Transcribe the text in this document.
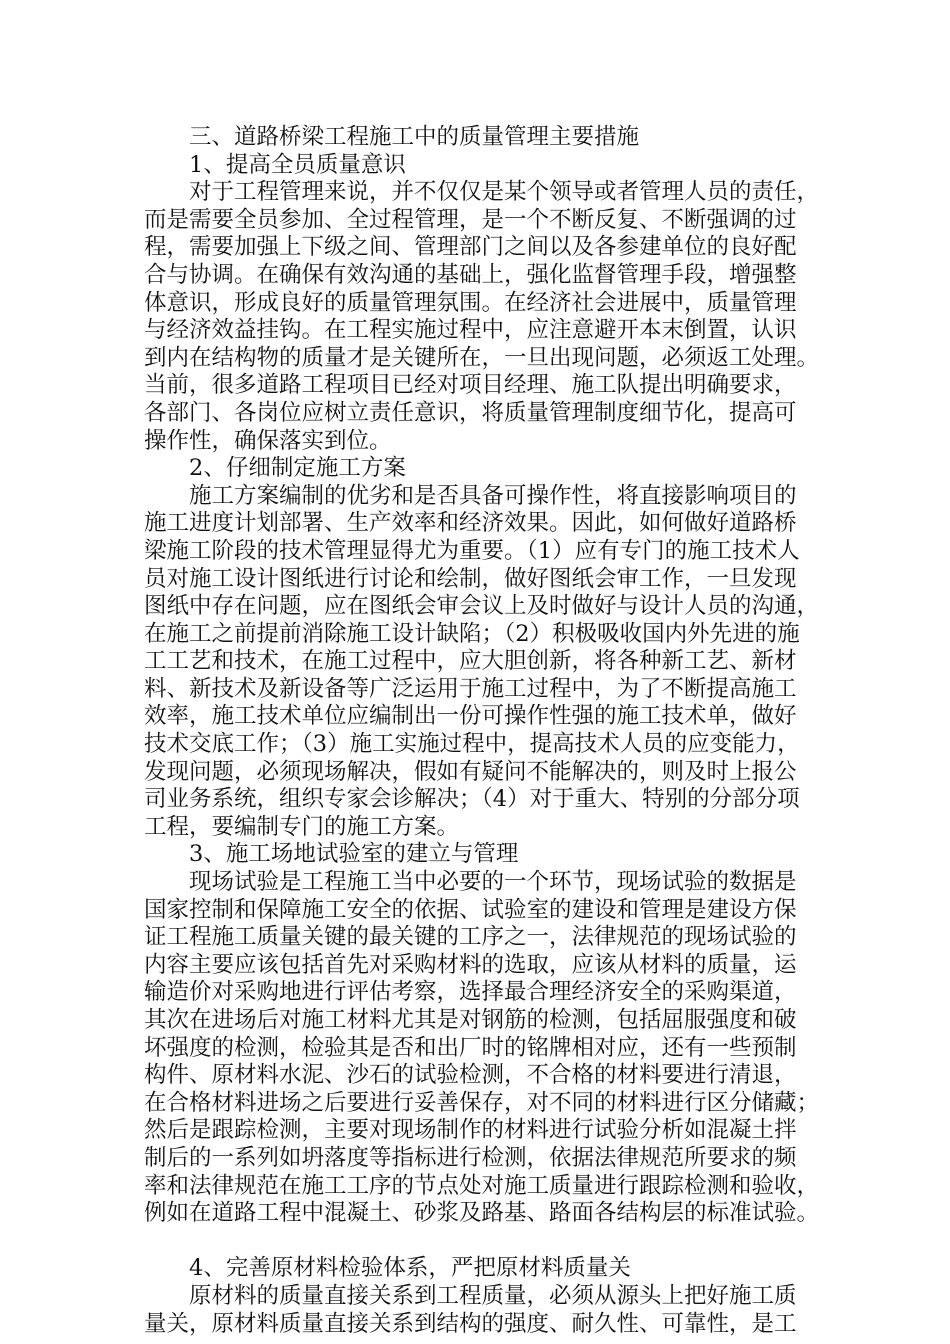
三、道路桥梁工程施工中的质量管理主要措施
1、提高全员质量意识
对于工程管理来说，并不仅仅是某个领导或者管理人员的责任，
而是需要全员参加、全过程管理，是一个不断反复、不断强调的过
程，需要加强上下级之间、管理部门之间以及各参建单位的良好配
合与协调。在确保有效沟通的基础上，强化监督管理手段，增强整
体意识，形成良好的质量管理氛围。在经济社会进展中，质量管理
与经济效益挂钩。在工程实施过程中，应注意避开本末倒置，认识
到内在结构物的质量才是关键所在，一旦出现问题，必须返工处理。
当前，很多道路工程项目已经对项目经理、施工队提出明确要求，
各部门、各岗位应树立责任意识，将质量管理制度细节化，提高可
操作性，确保落实到位。
2、仔细制定施工方案
施工方案编制的优劣和是否具备可操作性，将直接影响项目的
施工进度计划部署、生产效率和经济效果。因此，如何做好道路桥
梁施工阶段的技术管理显得尤为重要。（1）应有专门的施工技术人
员对施工设计图纸进行讨论和绘制，做好图纸会审工作，一旦发现
图纸中存在问题，应在图纸会审会议上及时做好与设计人员的沟通，
在施工之前提前消除施工设计缺陷；（2）积极吸收国内外先进的施
工工艺和技术，在施工过程中，应大胆创新，将各种新工艺、新材
料、新技术及新设备等广泛运用于施工过程中，为了不断提高施工
效率，施工技术单位应编制出一份可操作性强的施工技术单，做好
技术交底工作；（3）施工实施过程中，提高技术人员的应变能力，
发现问题，必须现场解决，假如有疑问不能解决的，则及时上报公
司业务系统，组织专家会诊解决；（4）对于重大、特别的分部分项
工程，要编制专门的施工方案。
3、施工场地试验室的建立与管理
现场试验是工程施工当中必要的一个环节，现场试验的数据是
国家控制和保障施工安全的依据、试验室的建设和管理是建设方保
证工程施工质量关键的最关键的工序之一，法律规范的现场试验的
内容主要应该包括首先对采购材料的选取，应该从材料的质量，运
输造价对采购地进行评估考察，选择最合理经济安全的采购渠道，
其次在进场后对施工材料尤其是对钢筋的检测，包括屈服强度和破
坏强度的检测，检验其是否和出厂时的铭牌相对应，还有一些预制
构件、原材料水泥、沙石的试验检测，不合格的材料要进行清退，
在合格材料进场之后要进行妥善保存，对不同的材料进行区分储藏；
然后是跟踪检测，主要对现场制作的材料进行试验分析如混凝土拌
制后的一系列如坍落度等指标进行检测，依据法律规范所要求的频
率和法律规范在施工工序的节点处对施工质量进行跟踪检测和验收，
例如在道路工程中混凝土、砂浆及路基、路面各结构层的标准试验。
4、完善原材料检验体系，严把原材料质量关
原材料的质量直接关系到工程质量，必须从源头上把好施工质
量关，原材料质量直接关系到结构的强度、耐久性、可靠性，是工
